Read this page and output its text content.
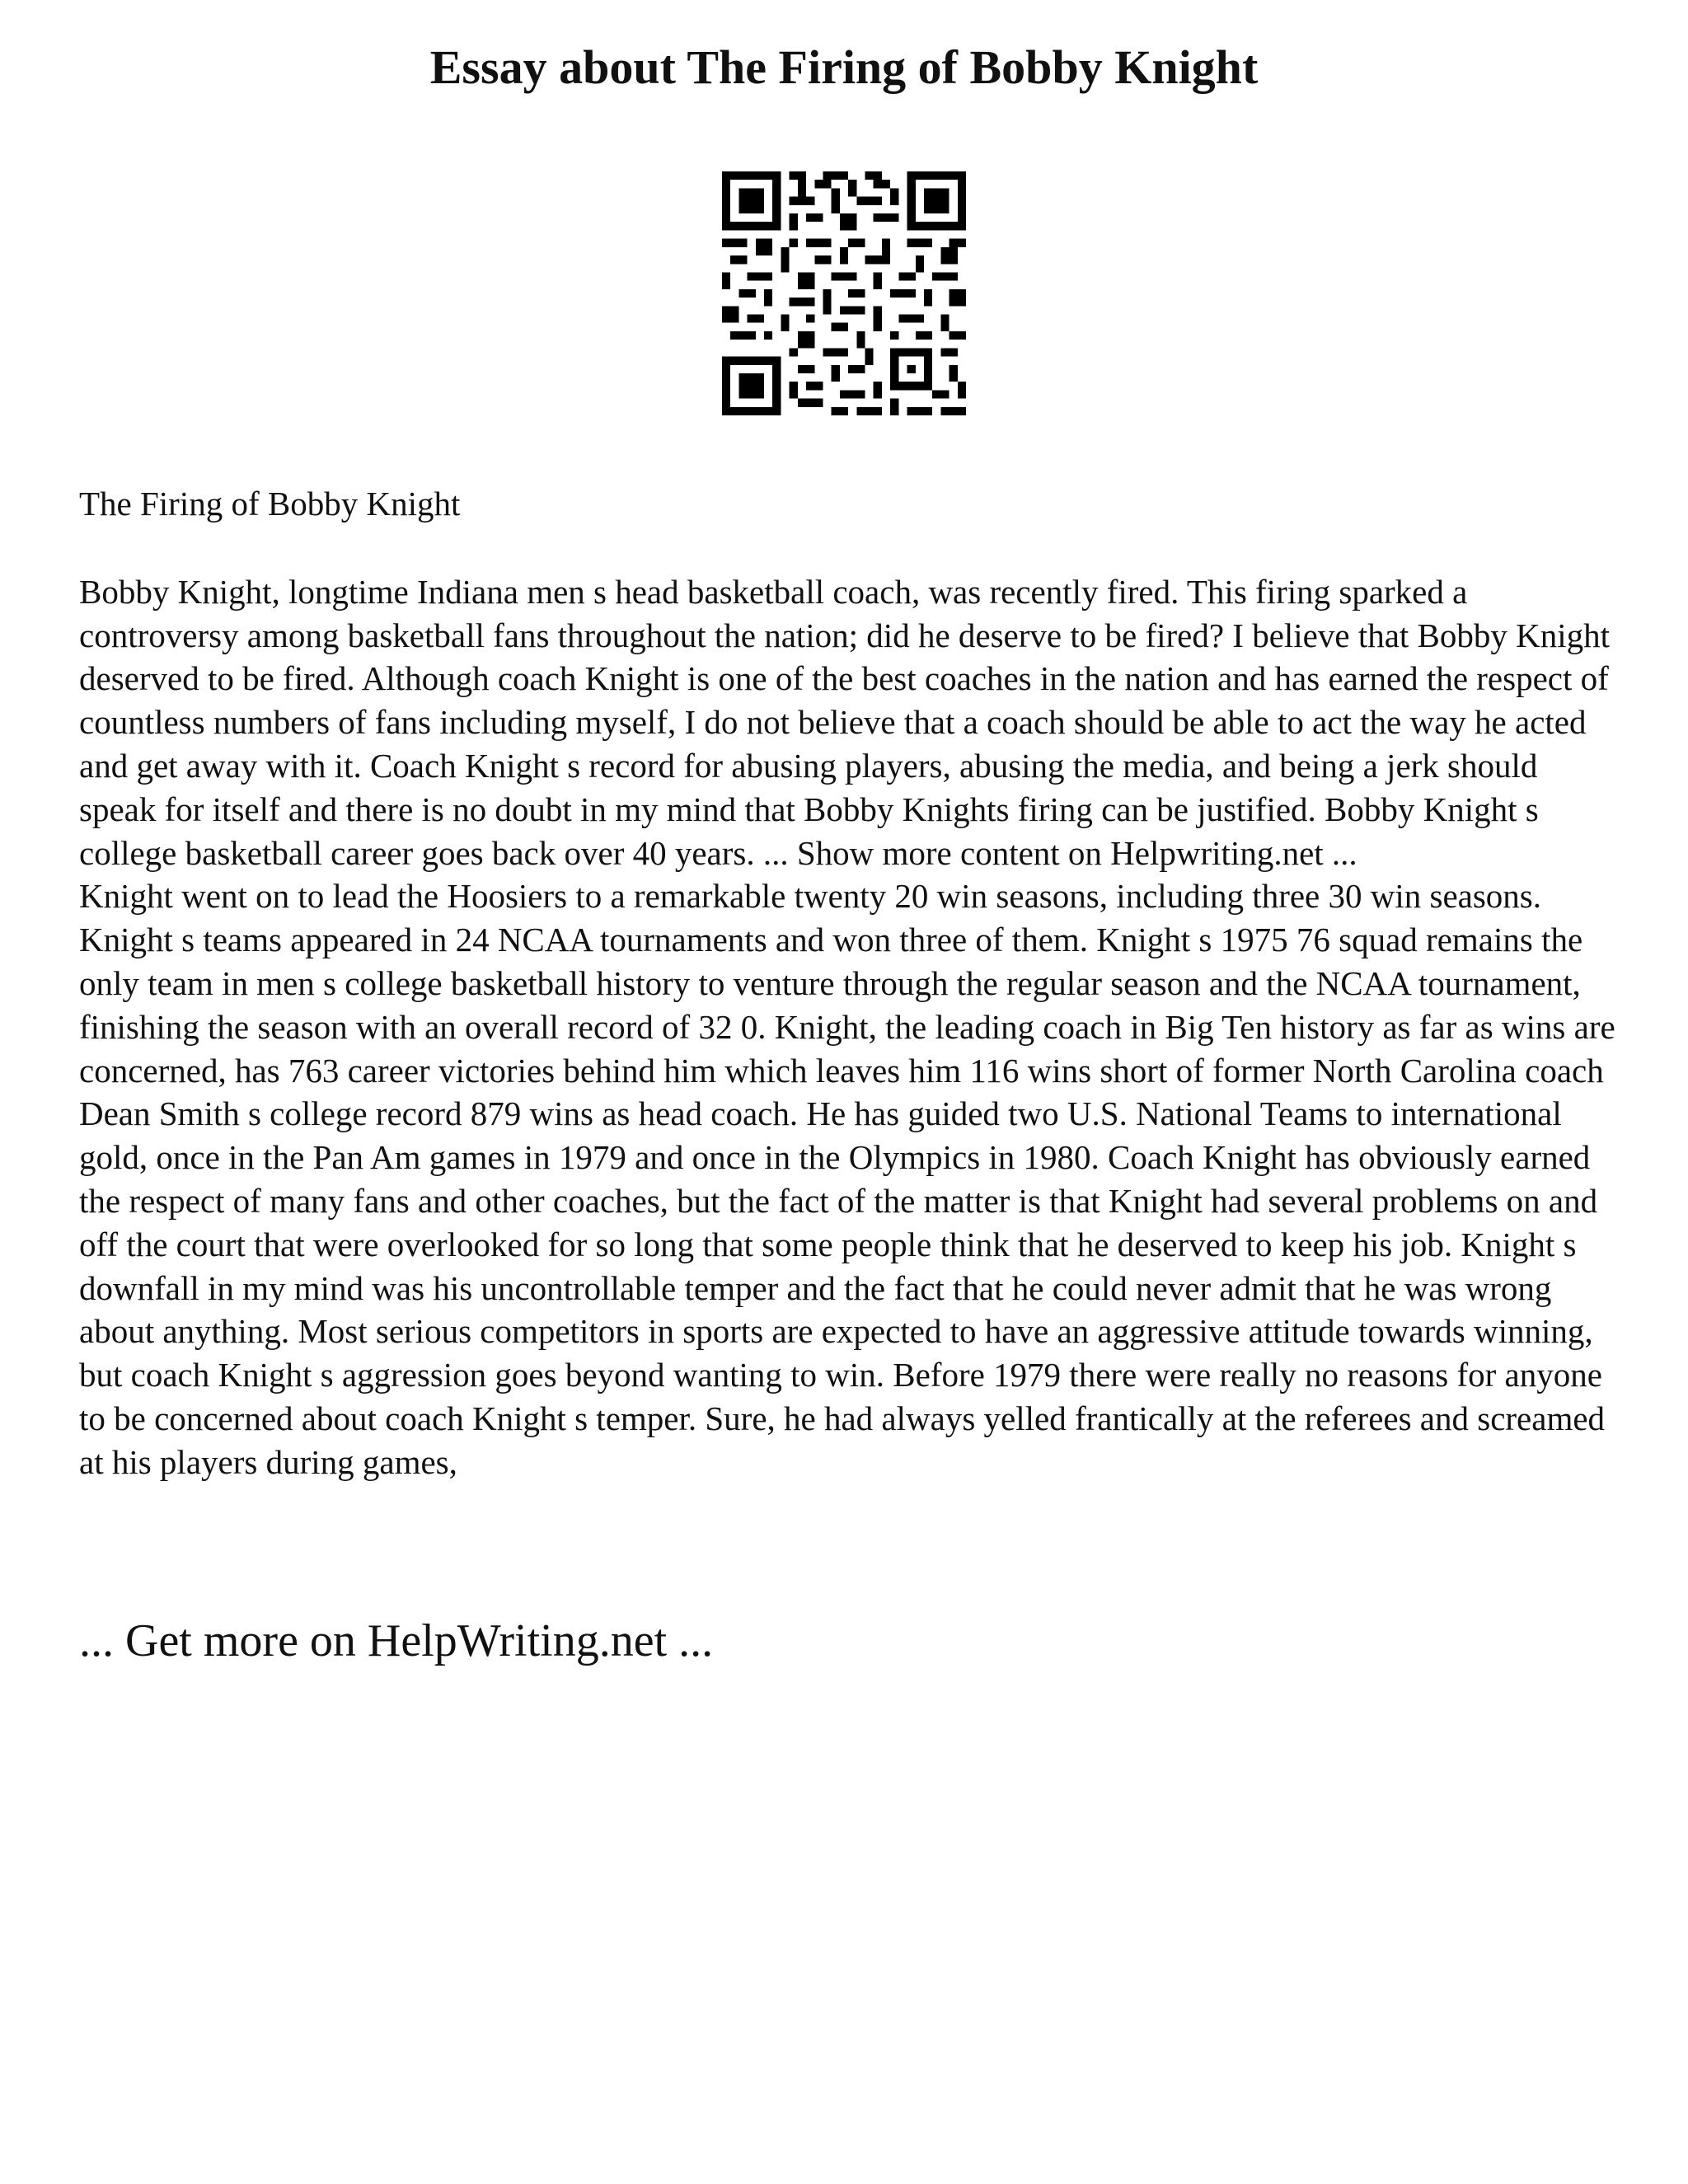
Essay about The Firing of Bobby Knight

The Firing of Bobby Knight

Bobby Knight, longtime Indiana men s head basketball coach, was recently fired. This firing sparked a controversy among basketball fans throughout the nation; did he deserve to be fired? I believe that Bobby Knight deserved to be fired. Although coach Knight is one of the best coaches in the nation and has earned the respect of countless numbers of fans including myself, I do not believe that a coach should be able to act the way he acted and get away with it. Coach Knight s record for abusing players, abusing the media, and being a jerk should speak for itself and there is no doubt in my mind that Bobby Knights firing can be justified. Bobby Knight s college basketball career goes back over 40 years. ... Show more content on Helpwriting.net ...

Knight went on to lead the Hoosiers to a remarkable twenty 20 win seasons, including three 30 win seasons. Knight s teams appeared in 24 NCAA tournaments and won three of them. Knight s 1975 76 squad remains the only team in men s college basketball history to venture through the regular season and the NCAA tournament, finishing the season with an overall record of 32 0. Knight, the leading coach in Big Ten history as far as wins are concerned, has 763 career victories behind him which leaves him 116 wins short of former North Carolina coach Dean Smith s college record 879 wins as head coach. He has guided two U.S. National Teams to international gold, once in the Pan Am games in 1979 and once in the Olympics in 1980. Coach Knight has obviously earned the respect of many fans and other coaches, but the fact of the matter is that Knight had several problems on and off the court that were overlooked for so long that some people think that he deserved to keep his job. Knight s downfall in my mind was his uncontrollable temper and the fact that he could never admit that he was wrong about anything. Most serious competitors in sports are expected to have an aggressive attitude towards winning, but coach Knight s aggression goes beyond wanting to win. Before 1979 there were really no reasons for anyone to be concerned about coach Knight s temper. Sure, he had always yelled frantically at the referees and screamed at his players during games,

... Get more on HelpWriting.net ...
